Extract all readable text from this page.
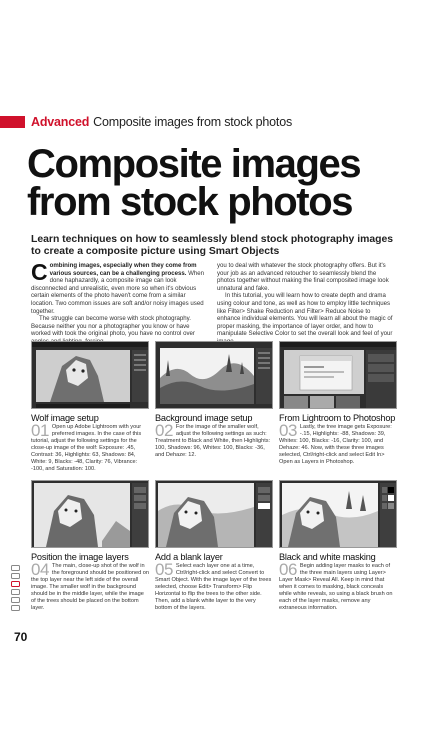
Advanced Composite images from stock photos
Composite images from stock photos

Learn techniques on how to seamlessly blend stock photography images to create a composite picture using Smart Objects

Combining images, especially when they come from various sources, can be a challenging process. When done haphazardly, a composite image can look disconnected and unrealistic, even more so when it's obvious certain elements of the photo haven't come from a similar location. Two common issues are soft and/or noisy images used together.

The struggle can become worse with stock photography. Because neither you nor a photographer you know or have worked with took the original photo, you have no control over

you to deal with whatever the stock photography offers. But it's your job as an advanced retoucher to seamlessly blend the photos together without making the final composited image look unnatural and fake.

In this tutorial, you will learn how to create depth and drama using colour and tone, as well as how to employ little techniques like Filter> Shake Reduction and Filter> Reduce Noise to enhance individual elements. You will learn all about the magic of proper masking, the importance of layer order, and how to manipulate Selective Color to set the overall look and feel of your

Wolf image setup
01 Open up Adobe Lightroom with your preferred images. In the case of this tutorial, adjust the following settings for the close-up image of the wolf: Exposure: .45, Contrast: 36, Highlights: 63, Shadows: 84, White: 9, Blacks: -48, Clarity: 76, Vibrance: -100, and Saturation: 100.
Background image setup
02 For the image of the smaller wolf, adjust the following settings as such: Treatment to Black and White, then Highlights: 100, Shadows: 96, Whites: 100, Blacks: -36, and Dehaze: 12.
From Lightroom to Photoshop
03 Lastly, the tree image gets Exposure: -.15, Highlights: -88, Shadows: 39, Whites: 100, Blacks: -16, Clarity: 100, and Dehaze: 46. Now, with these three images selected, Ctrl/right-click and select Edit In> Open as Layers in Photoshop.
Position the image layers
04 The main, close-up shot of the wolf in the foreground should be positioned on the top layer near the left side of the overall image. The smaller wolf in the background should be in the middle layer, while the image of the trees should be placed on the bottom layer.
Add a blank layer
05 Select each layer one at a time, Ctrl/right-click and select Convert to Smart Object. With the image layer of the trees selected, choose Edit> Transform> Flip Horizontal to flip the trees to the other side. Then, add a blank white layer to the very bottom of the layers.
Black and white masking
06 Begin adding layer masks to each of the three main layers using Layer> Layer Mask> Reveal All. Keep in mind that when it comes to masking, black conceals while white reveals, so using a black brush on each of the layer masks, remove any extraneous information.
70
